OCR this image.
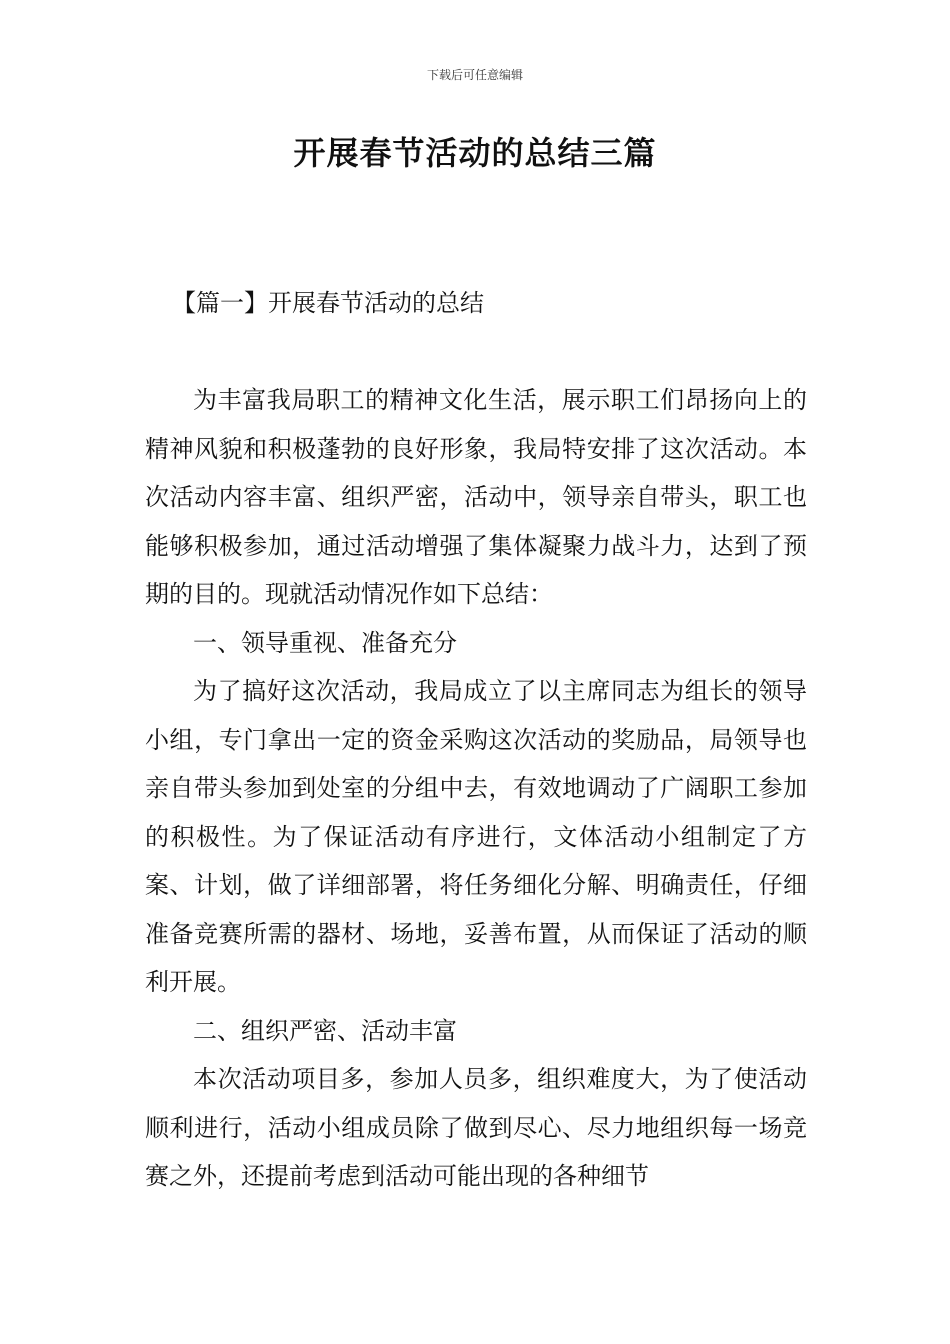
下载后可任意编辑
开展春节活动的总结三篇
【篇一】开展春节活动的总结

为丰富我局职工的精神文化生活，展示职工们昂扬向上的精神风貌和积极蓬勃的良好形象，我局特安排了这次活动。本次活动内容丰富、组织严密，活动中，领导亲自带头，职工也能够积极参加，通过活动增强了集体凝聚力战斗力，达到了预期的目的。现就活动情况作如下总结：

一、领导重视、准备充分

为了搞好这次活动，我局成立了以主席同志为组长的领导小组，专门拿出一定的资金采购这次活动的奖励品，局领导也亲自带头参加到处室的分组中去，有效地调动了广阔职工参加的积极性。为了保证活动有序进行，文体活动小组制定了方案、计划，做了详细部署，将任务细化分解、明确责任，仔细准备竞赛所需的器材、场地，妥善布置，从而保证了活动的顺利开展。

二、组织严密、活动丰富

本次活动项目多，参加人员多，组织难度大，为了使活动顺利进行，活动小组成员除了做到尽心、尽力地组织每一场竞赛之外，还提前考虑到活动可能出现的各种细节
